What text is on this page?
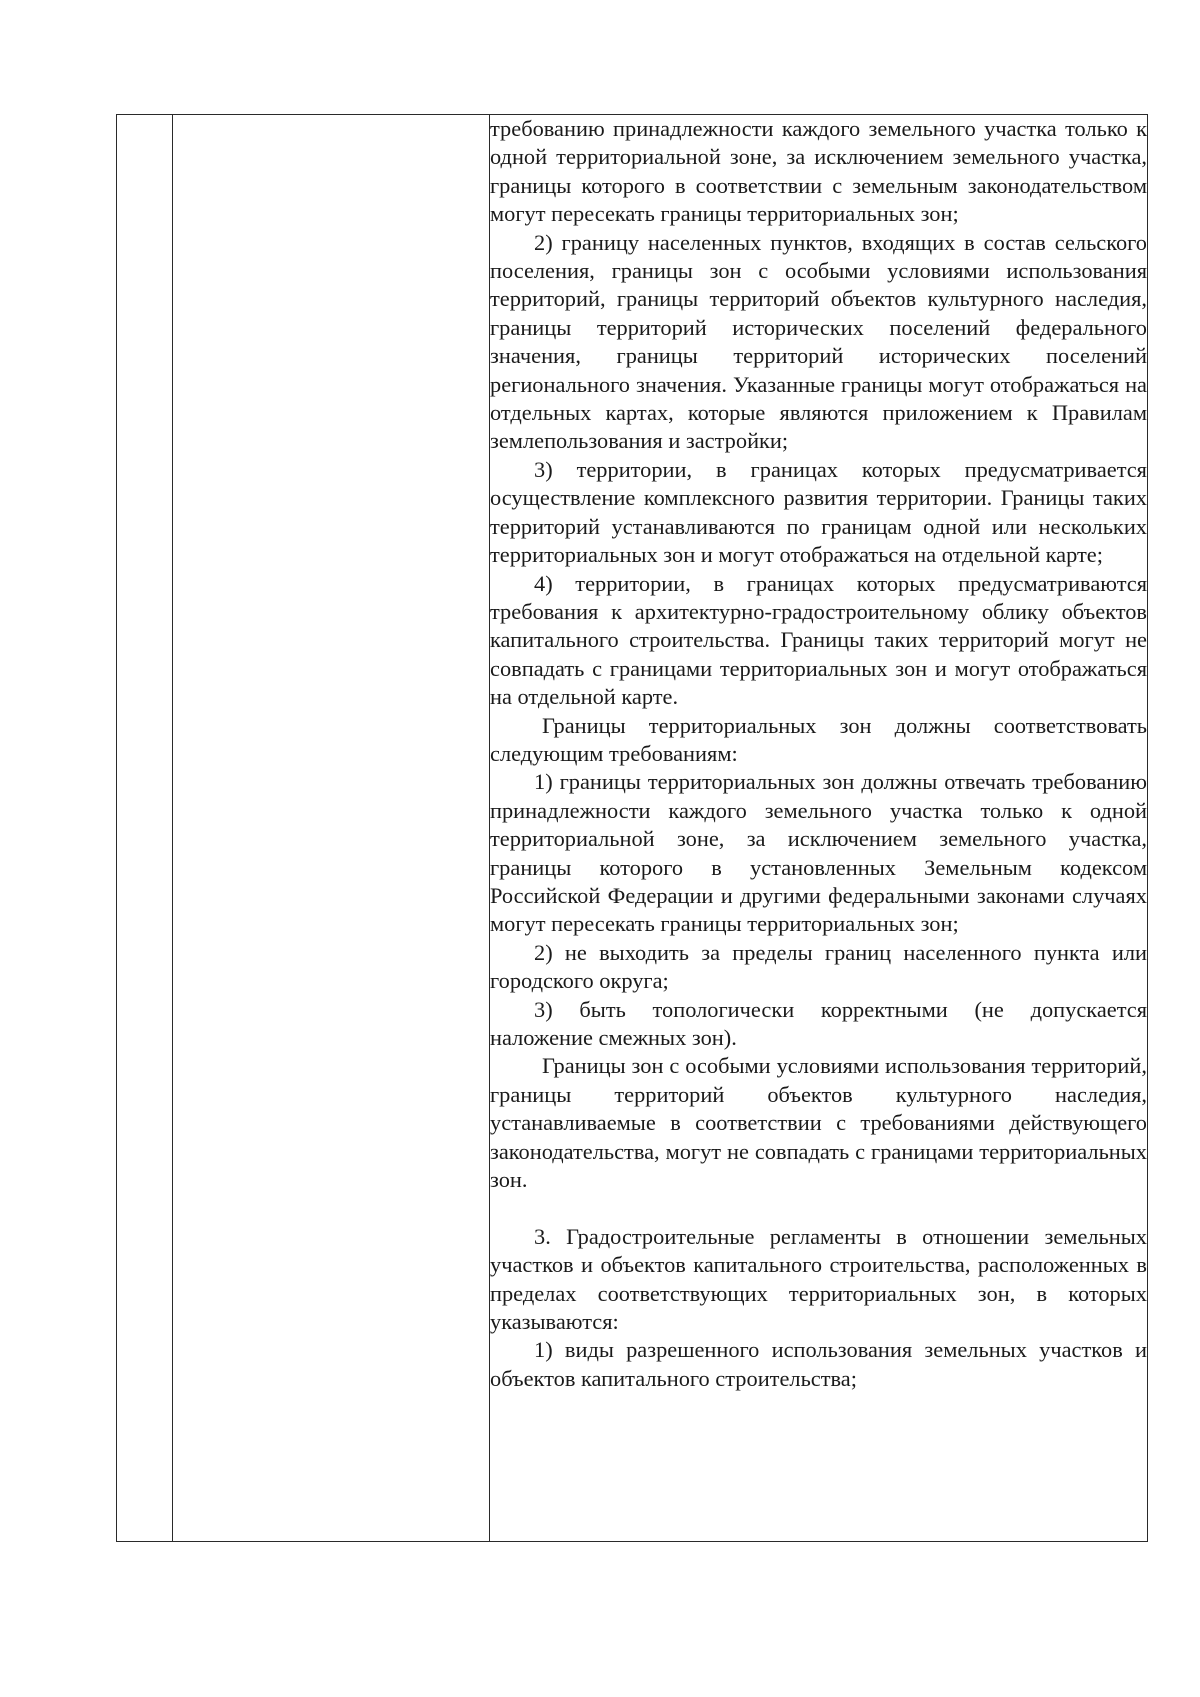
требованию принадлежности каждого земельного участка только к одной территориальной зоне, за исключением земельного участка, границы которого в соответствии с земельным законодательством могут пересекать границы территориальных зон;

2) границу населенных пунктов, входящих в состав сельского поселения, границы зон с особыми условиями использования территорий, границы территорий объектов культурного наследия, границы территорий исторических поселений федерального значения, границы территорий исторических поселений регионального значения. Указанные границы могут отображаться на отдельных картах, которые являются приложением к Правилам землепользования и застройки;

3) территории, в границах которых предусматривается осуществление комплексного развития территории. Границы таких территорий устанавливаются по границам одной или нескольких территориальных зон и могут отображаться на отдельной карте;

4) территории, в границах которых предусматриваются требования к архитектурно-градостроительному облику объектов капитального строительства. Границы таких территорий могут не совпадать с границами территориальных зон и могут отображаться на отдельной карте.

Границы территориальных зон должны соответствовать следующим требованиям:

1) границы территориальных зон должны отвечать требованию принадлежности каждого земельного участка только к одной территориальной зоне, за исключением земельного участка, границы которого в установленных Земельным кодексом Российской Федерации и другими федеральными законами случаях могут пересекать границы территориальных зон;

2) не выходить за пределы границ населенного пункта или городского округа;

3) быть топологически корректными (не допускается наложение смежных зон).

Границы зон с особыми условиями использования территорий, границы территорий объектов культурного наследия, устанавливаемые в соответствии с требованиями действующего законодательства, могут не совпадать с границами территориальных зон.

3. Градостроительные регламенты в отношении земельных участков и объектов капитального строительства, расположенных в пределах соответствующих территориальных зон, в которых указываются:

1) виды разрешенного использования земельных участков и объектов капитального строительства;
